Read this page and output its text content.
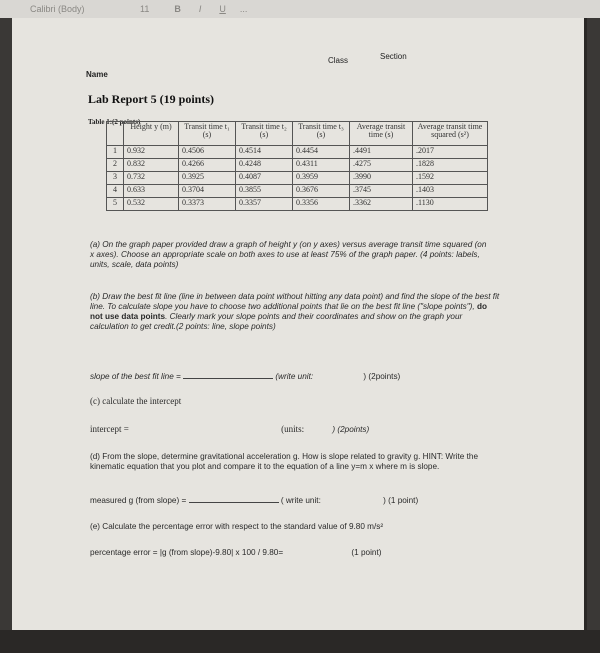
Calibri (Body)	11	B I U ...
Name
Class	Section
Lab Report 5 (19 points)
Table 1:(2 points)
	Height y (m)	Transit time t₁ (s)	Transit time t₂ (s)	Transit time t₃ (s)	Average transit time (s)	Average transit time squared (s²)
1	0.932	0.4506	0.4514	0.4454	.4491	.2017
2	0.832	0.4266	0.4248	0.4311	.4275	.1828
3	0.732	0.3925	0.4087	0.3959	.3990	.1592
4	0.633	0.3704	0.3855	0.3676	.3745	.1403
5	0.532	0.3373	0.3357	0.3356	.3362	.1130
(a) On the graph paper provided draw a graph of height y (on y axes) versus average transit time squared (on x axes). Choose an appropriate scale on both axes to use at least 75% of the graph paper. (4 points: labels, units, scale, data points)
(b) Draw the best fit line (line in between data point without hitting any data point) and find the slope of the best fit line. To calculate slope you have to choose two additional points that lie on the best fit line ("slope points"), do not use data points. Clearly mark your slope points and their coordinates and show on the graph your calculation to get credit.(2 points: line, slope points)
slope of the best fit line =	(write unit:	) (2points)
(c) calculate the intercept
intercept =	(units:	) (2points)
(d) From the slope, determine gravitational acceleration g. How is slope related to gravity g. HINT: Write the kinematic equation that you plot and compare it to the equation of a line y=m x where m is slope.
measured g (from slope) =	( write unit:	) (1 point)
(e) Calculate the percentage error with respect to the standard value of 9.80 m/s²
percentage error = |g (from slope)-9.80| x 100 / 9.80=	(1 point)
